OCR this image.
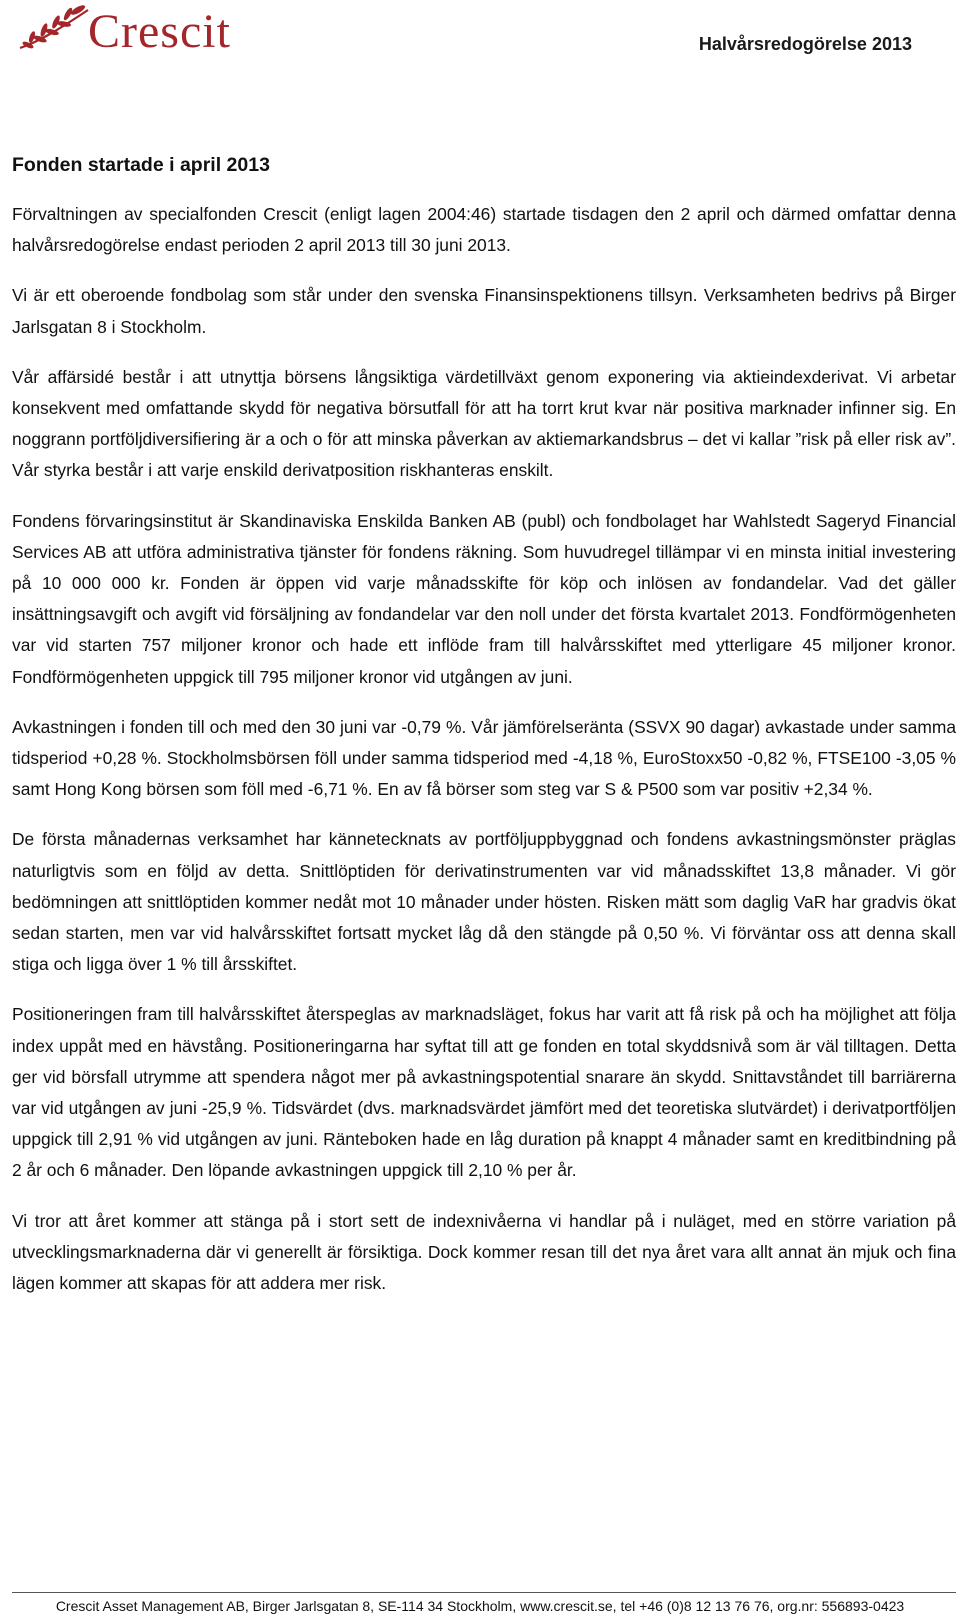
Crescit	Halvårsredogörelse 2013
Fonden startade i april 2013

Förvaltningen av specialfonden Crescit (enligt lagen 2004:46) startade tisdagen den 2 april och därmed omfattar denna halvårsredogörelse endast perioden 2 april 2013 till 30 juni 2013.

Vi är ett oberoende fondbolag som står under den svenska Finansinspektionens tillsyn. Verksamheten bedrivs på Birger Jarlsgatan 8 i Stockholm.

Vår affärsidé består i att utnyttja börsens långsiktiga värdetillväxt genom exponering via aktieindexderivat. Vi arbetar konsekvent med omfattande skydd för negativa börsutfall för att ha torrt krut kvar när positiva marknader infinner sig. En noggrann portföljdiversifiering är a och o för att minska påverkan av aktiemarkandsbrus – det vi kallar ”risk på eller risk av”. Vår styrka består i att varje enskild derivatposition riskhanteras enskilt.

Fondens förvaringsinstitut är Skandinaviska Enskilda Banken AB (publ) och fondbolaget har Wahlstedt Sageryd Financial Services AB att utföra administrativa tjänster för fondens räkning. Som huvudregel tillämpar vi en minsta initial investering på 10 000 000 kr. Fonden är öppen vid varje månadsskifte för köp och inlösen av fondandelar. Vad det gäller insättningsavgift och avgift vid försäljning av fondandelar var den noll under det första kvartalet 2013. Fondförmögenheten var vid starten 757 miljoner kronor och hade ett inflöde fram till halvårsskiftet med ytterligare 45 miljoner kronor. Fondförmögenheten uppgick till 795 miljoner kronor vid utgången av juni.

Avkastningen i fonden till och med den 30 juni var -0,79 %. Vår jämförelseränta (SSVX 90 dagar) avkastade under samma tidsperiod +0,28 %. Stockholmsbörsen föll under samma tidsperiod med -4,18 %, EuroStoxx50 -0,82 %, FTSE100 -3,05 % samt Hong Kong börsen som föll med -6,71 %. En av få börser som steg var S & P500 som var positiv +2,34 %.

De första månadernas verksamhet har kännetecknats av portföljuppbyggnad och fondens avkastningsmönster präglas naturligtvis som en följd av detta. Snittlöptiden för derivatinstrumenten var vid månadsskiftet 13,8 månader. Vi gör bedömningen att snittlöptiden kommer nedåt mot 10 månader under hösten. Risken mätt som daglig VaR har gradvis ökat sedan starten, men var vid halvårsskiftet fortsatt mycket låg då den stängde på 0,50 %. Vi förväntar oss att denna skall stiga och ligga över 1 % till årsskiftet.

Positioneringen fram till halvårsskiftet återspeglas av marknadsläget, fokus har varit att få risk på och ha möjlighet att följa index uppåt med en hävstång. Positioneringarna har syftat till att ge fonden en total skyddsnivå som är väl tilltagen. Detta ger vid börsfall utrymme att spendera något mer på avkastningspotential snarare än skydd. Snittavståndet till barriärerna var vid utgången av juni -25,9 %. Tidsvärdet (dvs. marknadsvärdet jämfört med det teoretiska slutvärdet) i derivatportföljen uppgick till 2,91 % vid utgången av juni. Ränteboken hade en låg duration på knappt 4 månader samt en kreditbindning på 2 år och 6 månader. Den löpande avkastningen uppgick till 2,10 % per år.

Vi tror att året kommer att stänga på i stort sett de indexnivåerna vi handlar på i nuläget, med en större variation på utvecklingsmarknaderna där vi generellt är försiktiga. Dock kommer resan till det nya året vara allt annat än mjuk och fina lägen kommer att skapas för att addera mer risk.

Crescit Asset Management AB, Birger Jarlsgatan 8, SE-114 34 Stockholm, www.crescit.se, tel +46 (0)8 12 13 76 76, org.nr: 556893-0423
